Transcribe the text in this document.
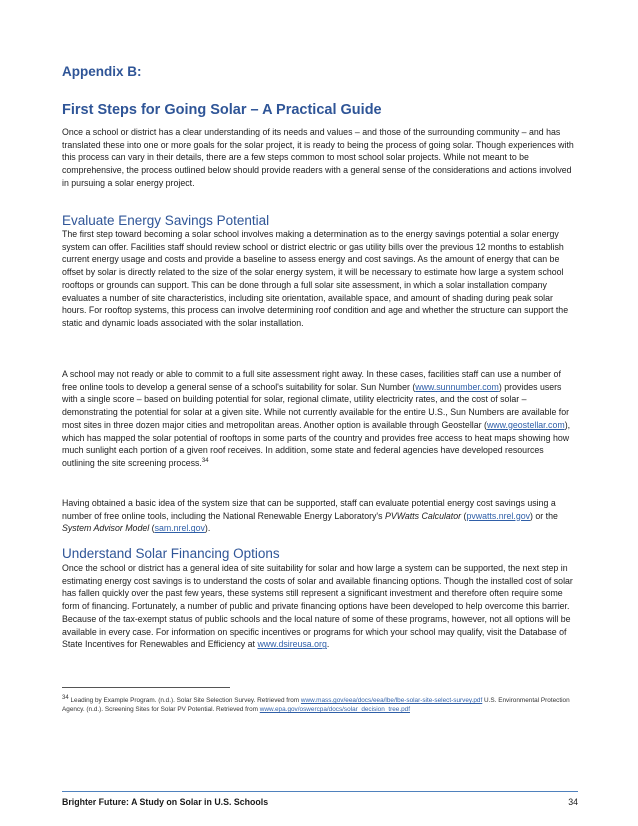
Appendix B:
First Steps for Going Solar – A Practical Guide

Once a school or district has a clear understanding of its needs and values – and those of the surrounding community – and has translated these into one or more goals for the solar project, it is ready to being the process of going solar. Though experiences with this process can vary in their details, there are a few steps common to most school solar projects. While not meant to be comprehensive, the process outlined below should provide readers with a general sense of the considerations and actions involved in pursuing a solar energy project.

Evaluate Energy Savings Potential

The first step toward becoming a solar school involves making a determination as to the energy savings potential a solar energy system can offer. Facilities staff should review school or district electric or gas utility bills over the previous 12 months to establish current energy usage and costs and provide a baseline to assess energy and cost savings. As the amount of energy that can be offset by solar is directly related to the size of the solar energy system, it will be necessary to estimate how large a system school rooftops or grounds can support. This can be done through a full solar site assessment, in which a solar installation company evaluates a number of site characteristics, including site orientation, available space, and amount of shading during peak solar hours. For rooftop systems, this process can involve determining roof condition and age and whether the structure can support the static and dynamic loads associated with the solar installation.

A school may not ready or able to commit to a full site assessment right away. In these cases, facilities staff can use a number of free online tools to develop a general sense of a school's suitability for solar. Sun Number (www.sunnumber.com) provides users with a single score – based on building potential for solar, regional climate, utility electricity rates, and the cost of solar – demonstrating the potential for solar at a given site. While not currently available for the entire U.S., Sun Numbers are available for most sites in three dozen major cities and metropolitan areas. Another option is available through Geostellar (www.geostellar.com), which has mapped the solar potential of rooftops in some parts of the country and provides free access to heat maps showing how much sunlight each portion of a given roof receives. In addition, some state and federal agencies have developed resources outlining the site screening process.$^{34}$

Having obtained a basic idea of the system size that can be supported, staff can evaluate potential energy cost savings using a number of free online tools, including the National Renewable Energy Laboratory's PVWatts Calculator (pvwatts.nrel.gov) or the System Advisor Model (sam.nrel.gov).

Understand Solar Financing Options

Once the school or district has a general idea of site suitability for solar and how large a system can be supported, the next step in estimating energy cost savings is to understand the costs of solar and available financing options. Though the installed cost of solar has fallen quickly over the past few years, these systems still represent a significant investment and therefore often require some form of financing. Fortunately, a number of public and private financing options have been developed to help overcome this barrier. Because of the tax-exempt status of public schools and the local nature of some of these programs, however, not all options will be available in every case. For information on specific incentives or programs for which your school may qualify, visit the Database of State Incentives for Renewables and Efficiency at www.dsireusa.org.

$^{34}$ Leading by Example Program. (n.d.). Solar Site Selection Survey. Retrieved from www.mass.gov/eea/docs/eea/lbe/lbe-solar-site-select-survey.pdf U.S. Environmental Protection Agency. (n.d.). Screening Sites for Solar PV Potential. Retrieved from www.epa.gov/oswercpa/docs/solar_decision_tree.pdf

Brighter Future: A Study on Solar in U.S. Schools	34
